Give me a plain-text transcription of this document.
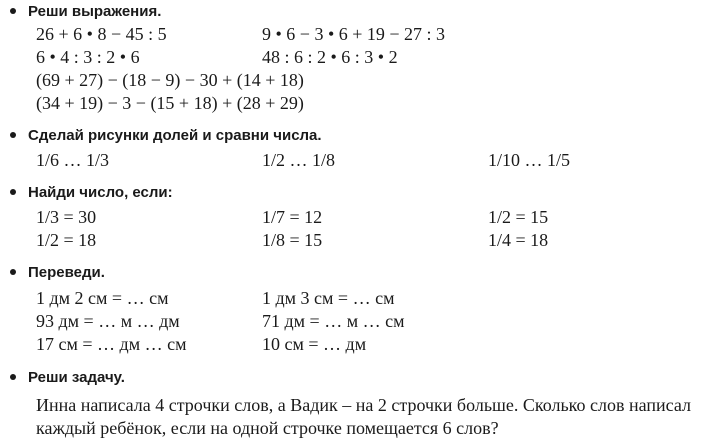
Реши выражения.
26 + 6 • 8 − 45 : 5	9 • 6 − 3 • 6 + 19 − 27 : 3
6 • 4 : 3 : 2 • 6	48 : 6 : 2 • 6 : 3 • 2
(69 + 27) − (18 − 9) − 30 + (14 + 18)
(34 + 19) − 3 − (15 + 18) + (28 + 29)
Сделай рисунки долей и сравни числа.
1/6 … 1/3	1/2 … 1/8	1/10 … 1/5
Найди число, если:
1/3 = 30	1/7 = 12	1/2 = 15
1/2 = 18	1/8 = 15	1/4 = 18
Переведи.
1 дм 2 см = … см	1 дм 3 см = … см
93 дм = … м … дм	71 дм = … м … см
17 см = … дм … см	10 см = … дм
Реши задачу.
Инна написала 4 строчки слов, а Вадик – на 2 строчки больше. Сколько слов написал каждый ребёнок, если на одной строчке помещается 6 слов?
